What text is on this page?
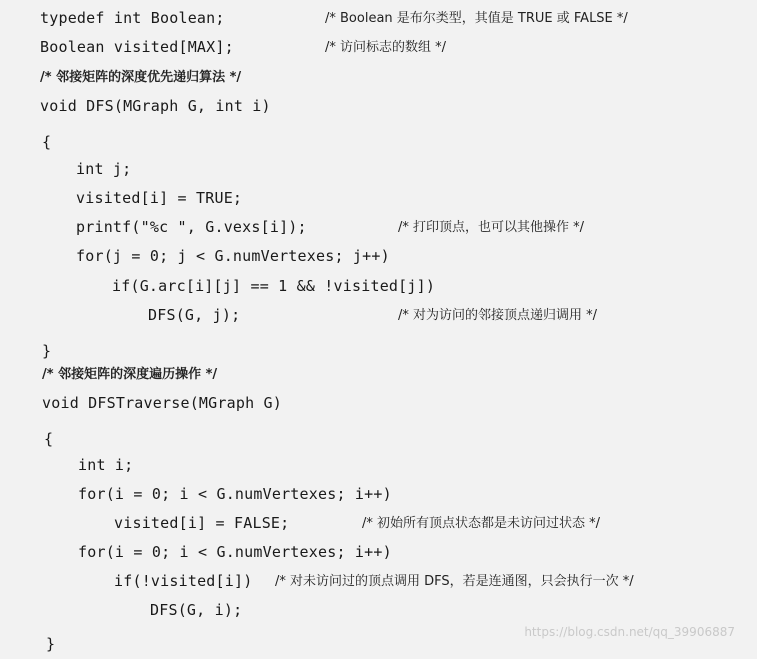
typedef int Boolean;	/* Boolean 是布尔类型，其值是 TRUE 或 FALSE */
Boolean visited[MAX];	/* 访问标志的数组 */
/* 邻接矩阵的深度优先递归算法 */
void DFS(MGraph G, int i)
{
int j;
visited[i] = TRUE;
printf("%c ", G.vexs[i]);	/* 打印顶点，也可以其他操作 */
for(j = 0; j < G.numVertexes; j++)
if(G.arc[i][j] == 1 && !visited[j])
DFS(G, j);	/* 对为访问的邻接顶点递归调用 */
}
/* 邻接矩阵的深度遍历操作 */
void DFSTraverse(MGraph G)
{
int i;
for(i = 0; i < G.numVertexes; i++)
visited[i] = FALSE;	/* 初始所有顶点状态都是未访问过状态 */
for(i = 0; i < G.numVertexes; i++)
if(!visited[i]) /* 对未访问过的顶点调用 DFS，若是连通图，只会执行一次 */
DFS(G, i);
}
https://blog.csdn.net/qq_39906887
